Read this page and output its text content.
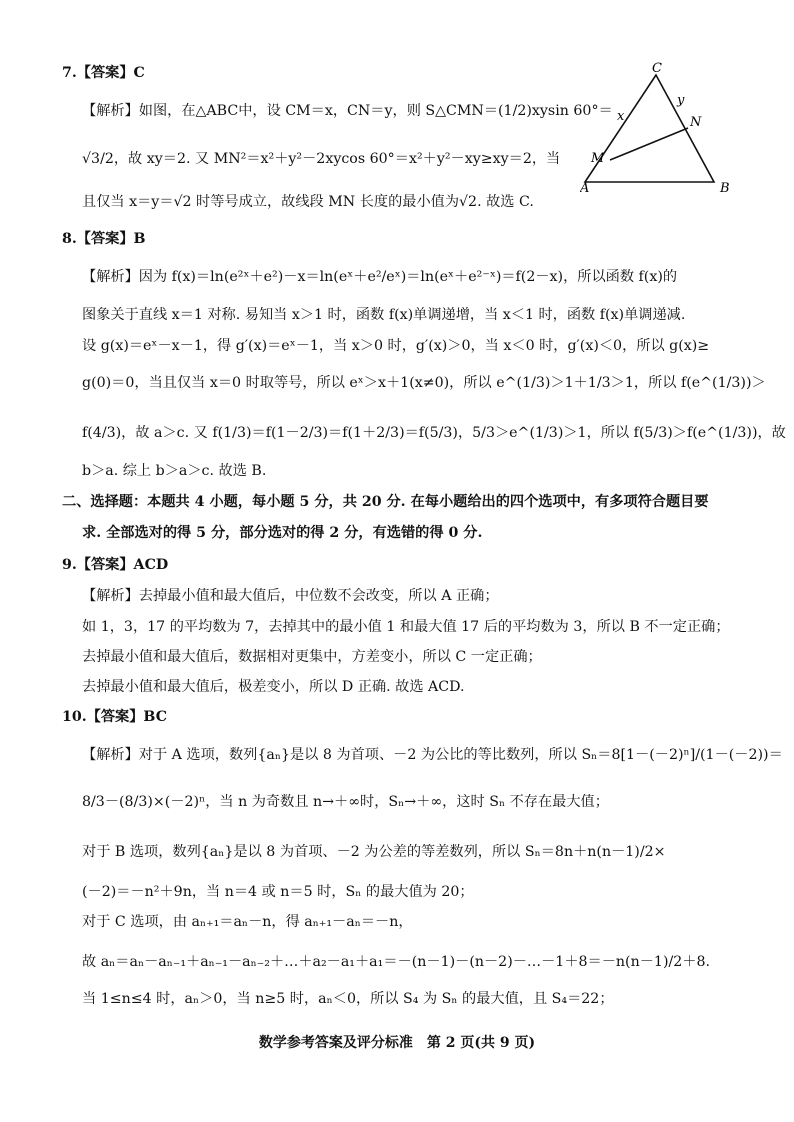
7.【答案】C
【解析】如图，在△ABC中，设 CM＝x，CN＝y，则 S△CMN＝(1/2)xysin 60°＝
√3/2，故 xy＝2. 又 MN²＝x²＋y²－2xycos 60°＝x²＋y²－xy≥xy＝2，当
且仅当 x＝y＝√2 时等号成立，故线段 MN 长度的最小值为√2. 故选 C.
C
A	B
M
N
x
y
8.【答案】B
【解析】因为 f(x)＝ln(e²ˣ＋e²)－x＝ln(eˣ＋e²/eˣ)＝ln(eˣ＋e²⁻ˣ)＝f(2－x)，所以函数 f(x)的
图象关于直线 x＝1 对称. 易知当 x＞1 时，函数 f(x)单调递增，当 x＜1 时，函数 f(x)单调递减.
设 g(x)＝eˣ－x－1，得 g′(x)＝eˣ－1，当 x＞0 时，g′(x)＞0，当 x＜0 时，g′(x)＜0，所以 g(x)≥
g(0)＝0，当且仅当 x＝0 时取等号，所以 eˣ＞x＋1(x≠0)，所以 e^(1/3)＞1＋1/3＞1，所以 f(e^(1/3))＞
f(4/3)，故 a＞c. 又 f(1/3)＝f(1－2/3)＝f(1＋2/3)＝f(5/3)，5/3＞e^(1/3)＞1，所以 f(5/3)＞f(e^(1/3))，故
b＞a. 综上 b＞a＞c. 故选 B.
二、选择题：本题共 4 小题，每小题 5 分，共 20 分. 在每小题给出的四个选项中，有多项符合题目要
求. 全部选对的得 5 分，部分选对的得 2 分，有选错的得 0 分.
9.【答案】ACD
【解析】去掉最小值和最大值后，中位数不会改变，所以 A 正确；
如 1，3，17 的平均数为 7，去掉其中的最小值 1 和最大值 17 后的平均数为 3，所以 B 不一定正确；
去掉最小值和最大值后，数据相对更集中，方差变小，所以 C 一定正确；
去掉最小值和最大值后，极差变小，所以 D 正确. 故选 ACD.
10.【答案】BC
【解析】对于 A 选项，数列{aₙ}是以 8 为首项、－2 为公比的等比数列，所以 Sₙ＝8[1－(－2)ⁿ]/(1－(－2))＝
8/3－(8/3)×(－2)ⁿ，当 n 为奇数且 n→＋∞时，Sₙ→＋∞，这时 Sₙ 不存在最大值；
对于 B 选项，数列{aₙ}是以 8 为首项、－2 为公差的等差数列，所以 Sₙ＝8n＋n(n－1)/2×
(－2)＝－n²＋9n，当 n＝4 或 n＝5 时，Sₙ 的最大值为 20；
对于 C 选项，由 aₙ₊₁＝aₙ－n，得 aₙ₊₁－aₙ＝－n，
故 aₙ＝aₙ－aₙ₋₁＋aₙ₋₁－aₙ₋₂＋…＋a₂－a₁＋a₁＝－(n－1)－(n－2)－…－1＋8＝－n(n－1)/2＋8.
当 1≤n≤4 时，aₙ＞0，当 n≥5 时，aₙ＜0，所以 S₄ 为 Sₙ 的最大值，且 S₄＝22；
数学参考答案及评分标准　第 2 页(共 9 页)
